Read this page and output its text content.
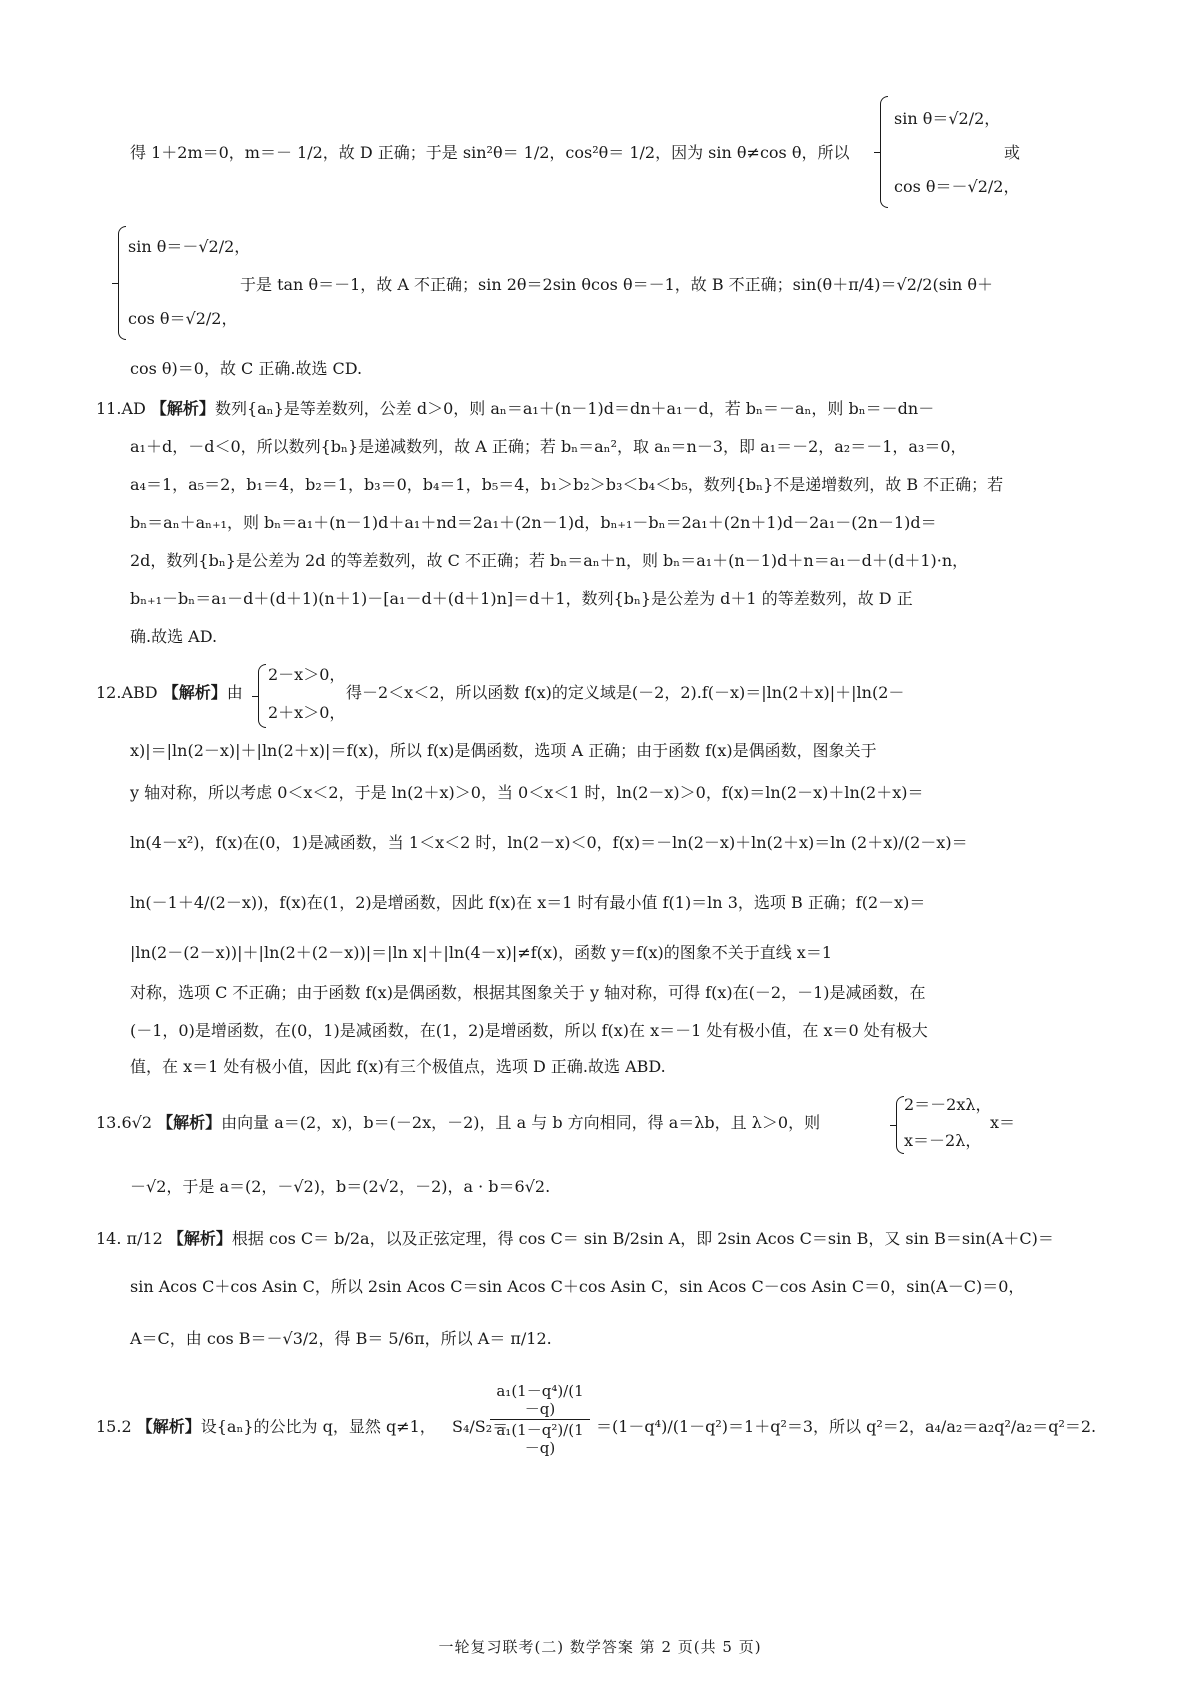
得 1＋2m＝0，m＝－ 1/2，故 D 正确；于是 sin²θ＝ 1/2，cos²θ＝ 1/2，因为 sin θ≠cos θ，所以
sin θ＝√2/2，
cos θ＝－√2/2，
或
sin θ＝－√2/2，
cos θ＝√2/2，
于是 tan θ＝－1，故 A 不正确；sin 2θ＝2sin θcos θ＝－1，故 B 不正确；sin(θ＋π/4)＝√2/2(sin θ＋
cos θ)＝0，故 C 正确.故选 CD.
11.AD 【解析】数列{aₙ}是等差数列，公差 d＞0，则 aₙ＝a₁＋(n－1)d＝dn＋a₁－d，若 bₙ＝－aₙ，则 bₙ＝－dn－
a₁＋d，－d＜0，所以数列{bₙ}是递减数列，故 A 正确；若 bₙ＝aₙ²，取 aₙ＝n－3，即 a₁＝－2，a₂＝－1，a₃＝0，
a₄＝1，a₅＝2，b₁＝4，b₂＝1，b₃＝0，b₄＝1，b₅＝4，b₁＞b₂＞b₃＜b₄＜b₅，数列{bₙ}不是递增数列，故 B 不正确；若
bₙ＝aₙ＋aₙ₊₁，则 bₙ＝a₁＋(n－1)d＋a₁＋nd＝2a₁＋(2n－1)d，bₙ₊₁－bₙ＝2a₁＋(2n＋1)d－2a₁－(2n－1)d＝
2d，数列{bₙ}是公差为 2d 的等差数列，故 C 不正确；若 bₙ＝aₙ＋n，则 bₙ＝a₁＋(n－1)d＋n＝a₁－d＋(d＋1)·n，
bₙ₊₁－bₙ＝a₁－d＋(d＋1)(n＋1)－[a₁－d＋(d＋1)n]＝d＋1，数列{bₙ}是公差为 d＋1 的等差数列，故 D 正
确.故选 AD.
12.ABD 【解析】由
2－x＞0，
2＋x＞0，
得－2＜x＜2，所以函数 f(x)的定义域是(－2，2).f(－x)＝|ln(2＋x)|＋|ln(2－
x)|＝|ln(2－x)|＋|ln(2＋x)|＝f(x)，所以 f(x)是偶函数，选项 A 正确；由于函数 f(x)是偶函数，图象关于
y 轴对称，所以考虑 0＜x＜2，于是 ln(2＋x)＞0，当 0＜x＜1 时，ln(2－x)＞0，f(x)＝ln(2－x)＋ln(2＋x)＝
ln(4－x²)，f(x)在(0，1)是减函数，当 1＜x＜2 时，ln(2－x)＜0，f(x)＝－ln(2－x)＋ln(2＋x)＝ln (2＋x)/(2－x)＝
ln(－1＋4/(2－x))，f(x)在(1，2)是增函数，因此 f(x)在 x＝1 时有最小值 f(1)＝ln 3，选项 B 正确；f(2－x)＝
|ln(2－(2－x))|＋|ln(2＋(2－x))|＝|ln x|＋|ln(4－x)|≠f(x)，函数 y＝f(x)的图象不关于直线 x＝1
对称，选项 C 不正确；由于函数 f(x)是偶函数，根据其图象关于 y 轴对称，可得 f(x)在(－2，－1)是减函数，在
(－1，0)是增函数，在(0，1)是减函数，在(1，2)是增函数，所以 f(x)在 x＝－1 处有极小值，在 x＝0 处有极大
值，在 x＝1 处有极小值，因此 f(x)有三个极值点，选项 D 正确.故选 ABD.
13.6√2 【解析】由向量 a＝(2，x)，b＝(－2x，－2)，且 a 与 b 方向相同，得 a＝λb，且 λ＞0，则
2＝－2xλ，
x＝－2λ，
x＝
－√2，于是 a＝(2，－√2)，b＝(2√2，－2)，a · b＝6√2.
14. π/12 【解析】根据 cos C＝ b/2a，以及正弦定理，得 cos C＝ sin B/2sin A，即 2sin Acos C＝sin B，又 sin B＝sin(A＋C)＝
sin Acos C＋cos Asin C，所以 2sin Acos C＝sin Acos C＋cos Asin C，sin Acos C－cos Asin C＝0，sin(A－C)＝0，
A＝C，由 cos B＝－√3/2，得 B＝ 5/6π，所以 A＝ π/12.
15.2 【解析】设{aₙ}的公比为 q，显然 q≠1，	S₄/S₂＝
a₁(1－q⁴)/(1－q)
a₁(1－q²)/(1－q)
＝(1－q⁴)/(1－q²)＝1＋q²＝3，所以 q²＝2，a₄/a₂＝a₂q²/a₂＝q²＝2.
一轮复习联考(二) 数学答案 第 2 页(共 5 页)
